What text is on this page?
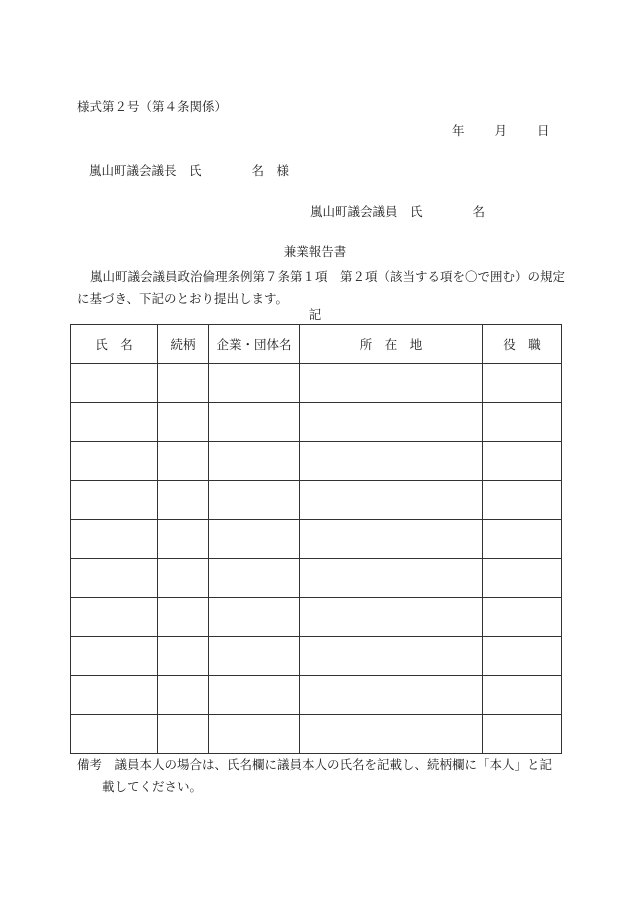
様式第２号（第４条関係）
年 月 日
嵐山町議会議長　氏　　　　名　様
嵐山町議会議員　氏　　　　名
兼業報告書
嵐山町議会議員政治倫理条例第７条第１項　第２項（該当する項を〇で囲む）の規定に基づき、下記のとおり提出します。
記
氏　名	続柄	企業・団体名	所　在　地	役　職

備考　議員本人の場合は、氏名欄に議員本人の氏名を記載し、続柄欄に「本人」と記
載してください。
